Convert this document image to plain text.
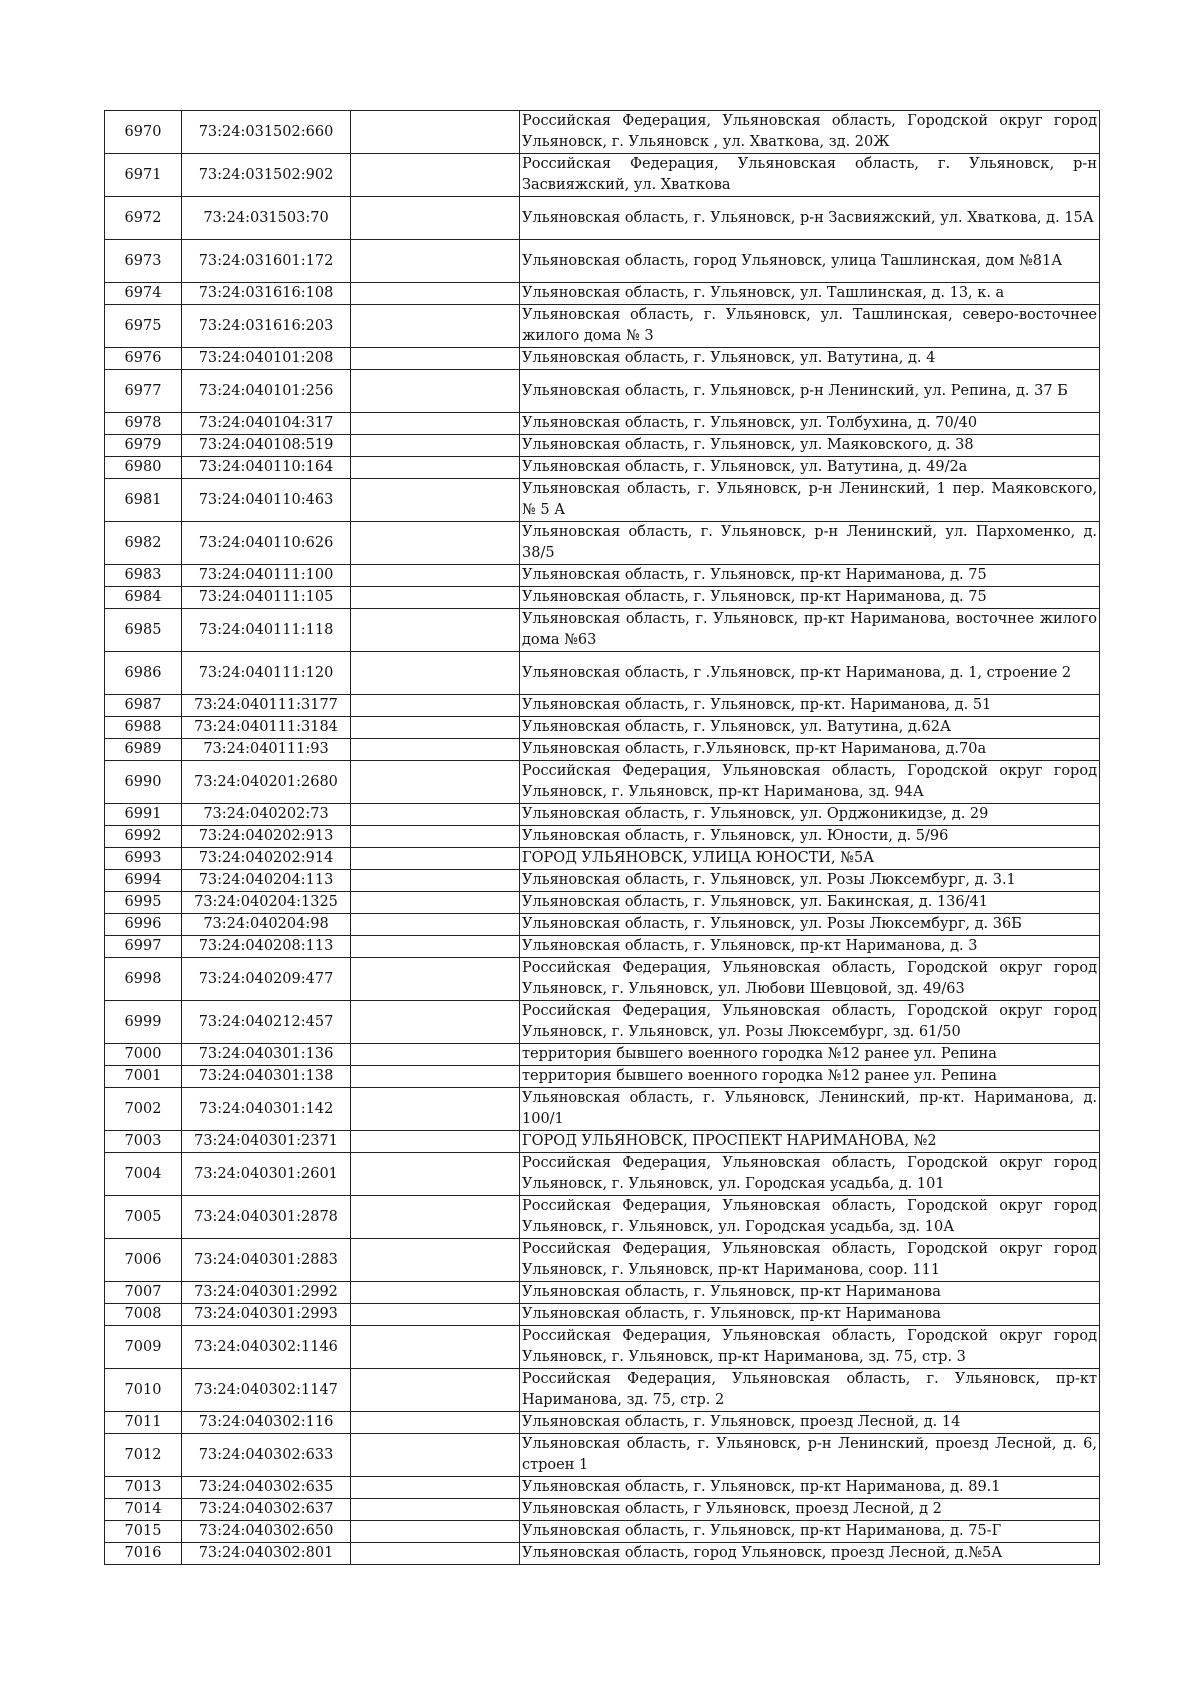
6970	73:24:031502:660		Российская Федерация, Ульяновская область, Городской округ город Ульяновск, г. Ульяновск , ул. Хваткова, зд. 20Ж
6971	73:24:031502:902		Российская Федерация, Ульяновская область, г. Ульяновск, р-н Засвияжский, ул. Хваткова
6972	73:24:031503:70		Ульяновская область, г. Ульяновск, р-н Засвияжский, ул. Хваткова, д. 15А
6973	73:24:031601:172		Ульяновская область, город Ульяновск, улица Ташлинская, дом №81А
6974	73:24:031616:108		Ульяновская область, г. Ульяновск, ул. Ташлинская, д. 13, к. а
6975	73:24:031616:203		Ульяновская область, г. Ульяновск, ул. Ташлинская, северо-восточнее жилого дома № 3
6976	73:24:040101:208		Ульяновская область, г. Ульяновск, ул. Ватутина, д. 4
6977	73:24:040101:256		Ульяновская область, г. Ульяновск, р-н Ленинский, ул. Репина, д. 37 Б
6978	73:24:040104:317		Ульяновская область, г. Ульяновск, ул. Толбухина, д. 70/40
6979	73:24:040108:519		Ульяновская область, г. Ульяновск, ул. Маяковского, д. 38
6980	73:24:040110:164		Ульяновская область, г. Ульяновск, ул. Ватутина, д. 49/2а
6981	73:24:040110:463		Ульяновская область, г. Ульяновск, р-н Ленинский, 1 пер. Маяковского, № 5 А
6982	73:24:040110:626		Ульяновская область, г. Ульяновск, р-н Ленинский, ул. Пархоменко, д. 38/5
6983	73:24:040111:100		Ульяновская область, г. Ульяновск, пр-кт Нариманова, д. 75
6984	73:24:040111:105		Ульяновская область, г. Ульяновск, пр-кт Нариманова, д. 75
6985	73:24:040111:118		Ульяновская область, г. Ульяновск, пр-кт Нариманова, восточнее жилого дома №63
6986	73:24:040111:120		Ульяновская область, г .Ульяновск, пр-кт Нариманова, д. 1, строение 2
6987	73:24:040111:3177		Ульяновская область, г. Ульяновск, пр-кт. Нариманова, д. 51
6988	73:24:040111:3184		Ульяновская область, г. Ульяновск, ул. Ватутина, д.62А
6989	73:24:040111:93		Ульяновская область, г.Ульяновск, пр-кт Нариманова, д.70а
6990	73:24:040201:2680		Российская Федерация, Ульяновская область, Городской округ город Ульяновск, г. Ульяновск, пр-кт Нариманова, зд. 94А
6991	73:24:040202:73		Ульяновская область, г. Ульяновск, ул. Орджоникидзе, д. 29
6992	73:24:040202:913		Ульяновская область, г. Ульяновск, ул. Юности, д. 5/96
6993	73:24:040202:914		ГОРОД УЛЬЯНОВСК, УЛИЦА ЮНОСТИ, №5А
6994	73:24:040204:113		Ульяновская область, г. Ульяновск, ул. Розы Люксембург, д. 3.1
6995	73:24:040204:1325		Ульяновская область, г. Ульяновск, ул. Бакинская, д. 136/41
6996	73:24:040204:98		Ульяновская область, г. Ульяновск, ул. Розы Люксембург, д. 36Б
6997	73:24:040208:113		Ульяновская область, г. Ульяновск, пр-кт Нариманова, д. 3
6998	73:24:040209:477		Российская Федерация, Ульяновская область, Городской округ город Ульяновск, г. Ульяновск, ул. Любови Шевцовой, зд. 49/63
6999	73:24:040212:457		Российская Федерация, Ульяновская область, Городской округ город Ульяновск, г. Ульяновск, ул. Розы Люксембург, зд. 61/50
7000	73:24:040301:136		территория бывшего военного городка №12 ранее ул. Репина
7001	73:24:040301:138		территория бывшего военного городка №12 ранее ул. Репина
7002	73:24:040301:142		Ульяновская область, г. Ульяновск, Ленинский, пр-кт. Нариманова, д. 100/1
7003	73:24:040301:2371		ГОРОД УЛЬЯНОВСК, ПРОСПЕКТ НАРИМАНОВА, №2
7004	73:24:040301:2601		Российская Федерация, Ульяновская область, Городской округ город Ульяновск, г. Ульяновск, ул. Городская усадьба, д. 101
7005	73:24:040301:2878		Российская Федерация, Ульяновская область, Городской округ город Ульяновск, г. Ульяновск, ул. Городская усадьба, зд. 10А
7006	73:24:040301:2883		Российская Федерация, Ульяновская область, Городской округ город Ульяновск, г. Ульяновск, пр-кт Нариманова, соор. 111
7007	73:24:040301:2992		Ульяновская область, г. Ульяновск, пр-кт Нариманова
7008	73:24:040301:2993		Ульяновская область, г. Ульяновск, пр-кт Нариманова
7009	73:24:040302:1146		Российская Федерация, Ульяновская область, Городской округ город Ульяновск, г. Ульяновск, пр-кт Нариманова, зд. 75, стр. 3
7010	73:24:040302:1147		Российская Федерация, Ульяновская область, г. Ульяновск, пр-кт Нариманова, зд. 75, стр. 2
7011	73:24:040302:116		Ульяновская область, г. Ульяновск, проезд Лесной, д. 14
7012	73:24:040302:633		Ульяновская область, г. Ульяновск, р-н Ленинский, проезд Лесной, д. 6, строен 1
7013	73:24:040302:635		Ульяновская область, г. Ульяновск, пр-кт Нариманова, д. 89.1
7014	73:24:040302:637		Ульяновская область, г Ульяновск, проезд Лесной, д 2
7015	73:24:040302:650		Ульяновская область, г. Ульяновск, пр-кт Нариманова, д. 75-Г
7016	73:24:040302:801		Ульяновская область, город Ульяновск, проезд Лесной, д.№5А
